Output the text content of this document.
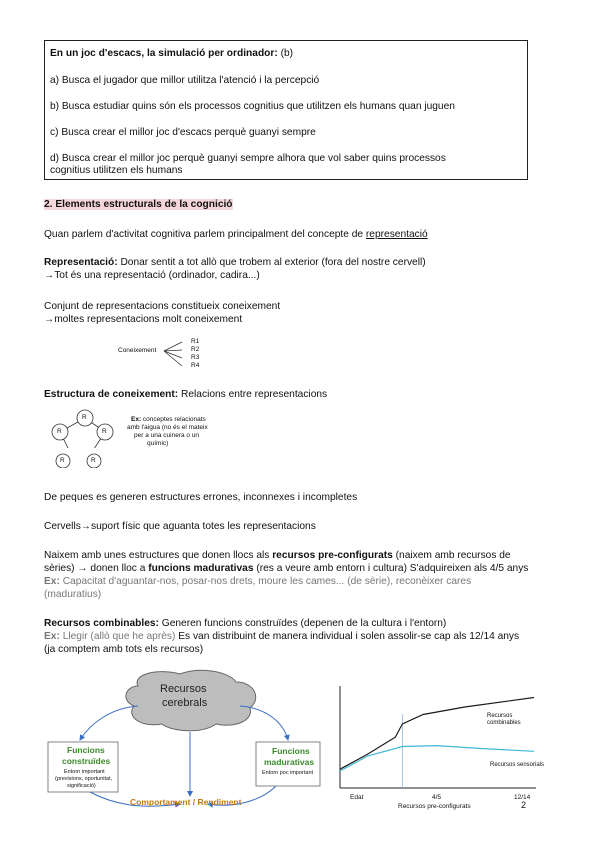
En un joc d'escacs, la simulació per ordinador: (b)
a) Busca el jugador que millor utilitza l'atenció i la percepció
b) Busca estudiar quins són els processos cognitius que utilitzen els humans quan juguen
c) Busca crear el millor joc d'escacs perquè guanyi sempre
d) Busca crear el millor joc perquè guanyi sempre alhora que vol saber quins processos
cognitius utilitzen els humans
2. Elements estructurals de la cognició
Quan parlem d'activitat cognitiva parlem principalment del concepte de representació
Representació: Donar sentit a tot allò que trobem al exterior (fora del nostre cervell)
→Tot és una representació (ordinador, cadira...)
Conjunt de representacions constitueix coneixement
→moltes representacions molt coneixement
Coneixement
R1
R2
R3
R4
Estructura de coneixement: Relacions entre representacions
R
R	R
R	R
Ex: conceptes relacionats
amb l'aigua (no és el mateix
per a una cuinera o un
químic)
De peques es generen estructures errones, inconnexes i incompletes
Cervells→suport físic que aguanta totes les representacions
Naixem amb unes estructures que donen llocs als recursos pre-configurats (naixem amb recursos de
sèries) → donen lloc a funcions madurativas (res a veure amb entorn i cultura) S'adquireixen als 4/5 anys
Ex: Capacitat d'aguantar-nos, posar-nos drets, moure les cames... (de sèrie), reconèixer cares
(maduratius)
Recursos combinables: Generen funcions construïdes (depenen de la cultura i l'entorn)
Ex: Llegir (allò que he après) Es van distribuint de manera individual i solen assolir-se cap als 12/14 anys
(ja comptem amb tots els recursos)
Recursos
cerebrals
Funcions
construïdes
Entorn important
(previsions, oportunitat,
significació)
Funcions
madurativas
Entorn poc important
Comportament / Rendiment
Recursos
combinables
Recursos sensorials
Edat	4/5	12/14
Recursos pre-configurats	2
